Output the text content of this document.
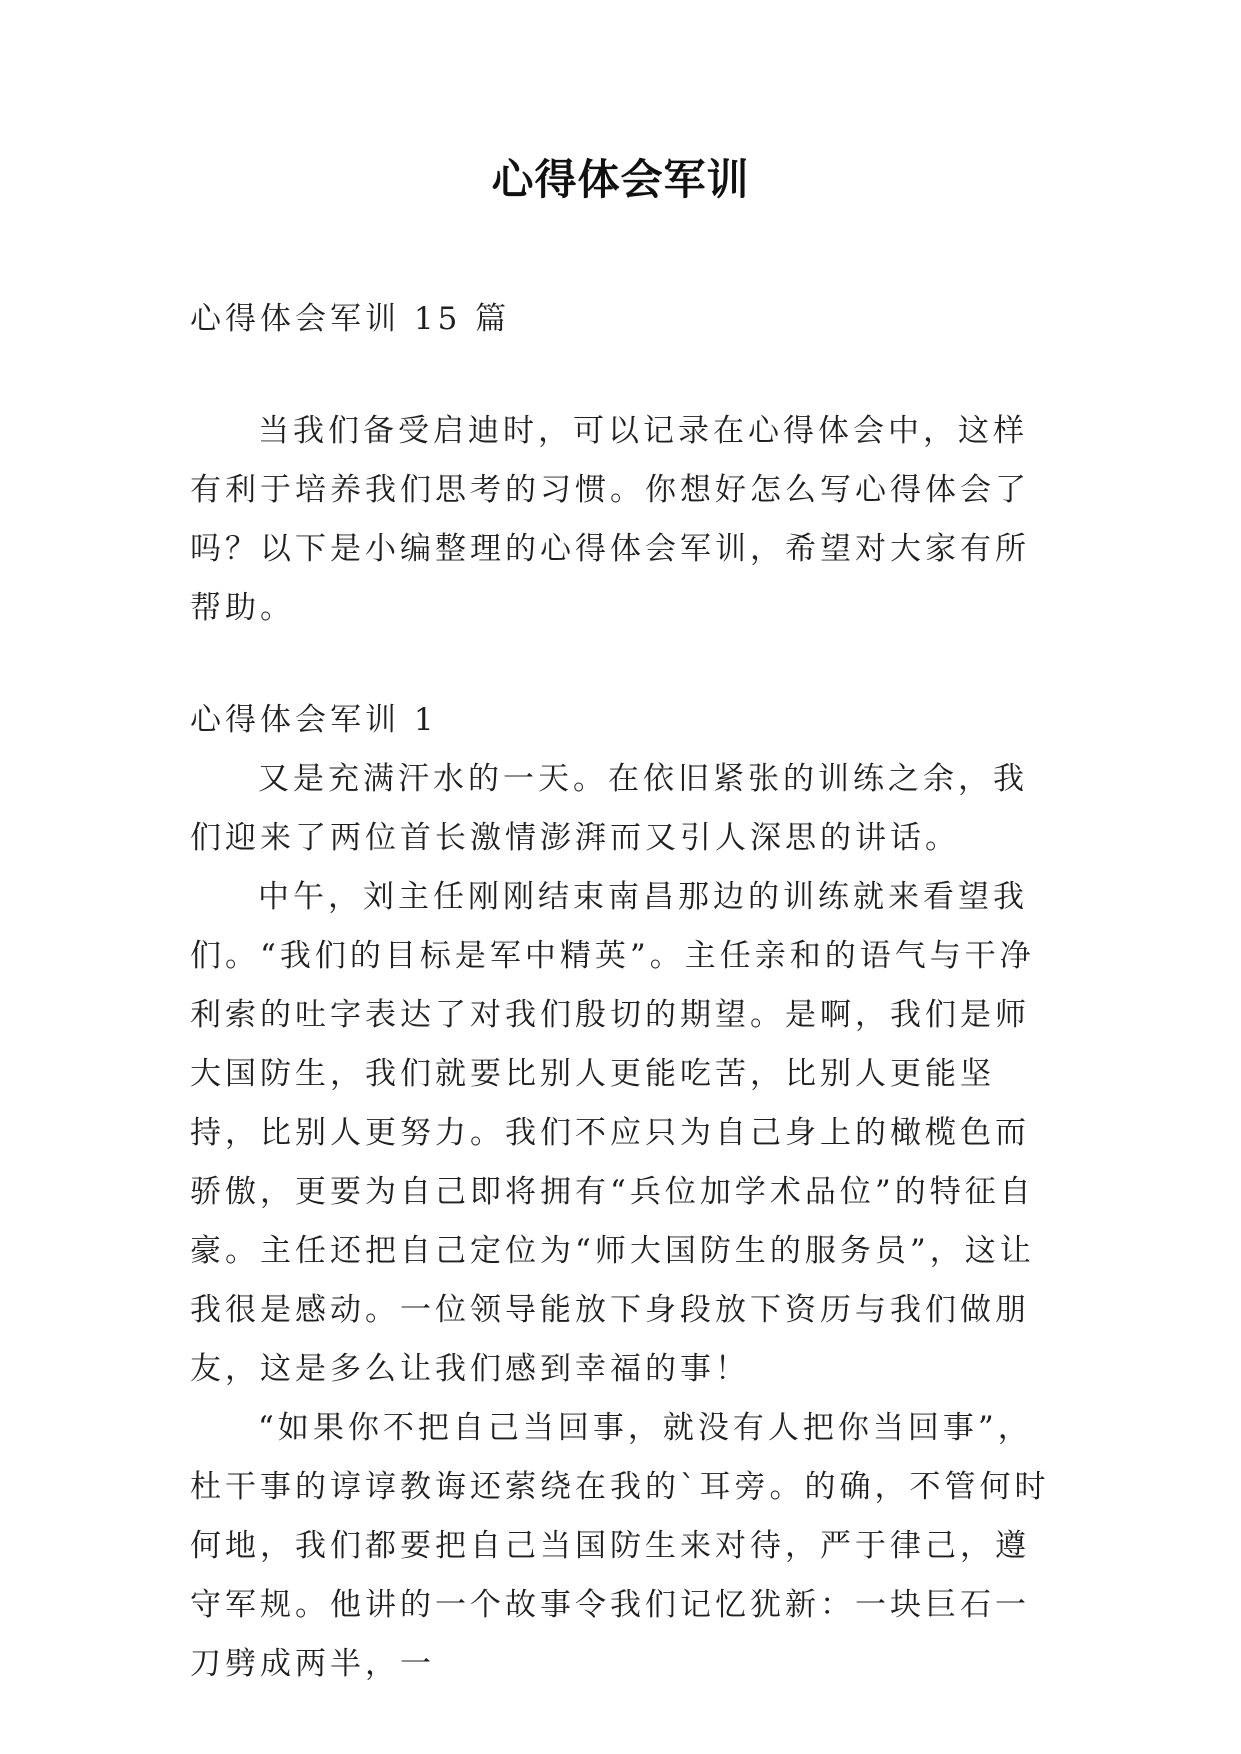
心得体会军训

心得体会军训 15 篇

当我们备受启迪时，可以记录在心得体会中，这样有利于培养我们思考的习惯。你想好怎么写心得体会了吗？以下是小编整理的心得体会军训，希望对大家有所帮助。

心得体会军训 1

又是充满汗水的一天。在依旧紧张的训练之余，我们迎来了两位首长激情澎湃而又引人深思的讲话。

中午，刘主任刚刚结束南昌那边的训练就来看望我们。“我们的目标是军中精英”。主任亲和的语气与干净利索的吐字表达了对我们殷切的期望。是啊，我们是师大国防生，我们就要比别人更能吃苦，比别人更能坚持，比别人更努力。我们不应只为自己身上的橄榄色而骄傲，更要为自己即将拥有“兵位加学术品位”的特征自豪。主任还把自己定位为“师大国防生的服务员”，这让我很是感动。一位领导能放下身段放下资历与我们做朋友，这是多么让我们感到幸福的事！

“如果你不把自己当回事，就没有人把你当回事”，杜干事的谆谆教诲还萦绕在我的`耳旁。的确，不管何时何地，我们都要把自己当国防生来对待，严于律己，遵守军规。他讲的一个故事令我们记忆犹新：一块巨石一刀劈成两半，一
